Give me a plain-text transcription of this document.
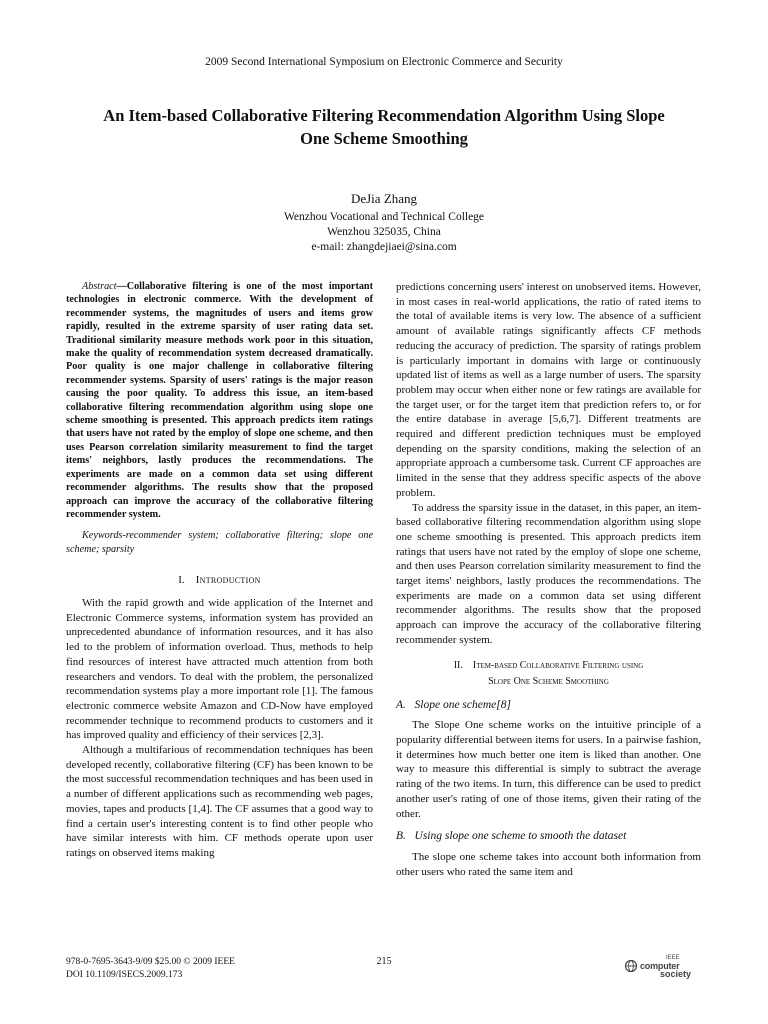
2009 Second International Symposium on Electronic Commerce and Security
An Item-based Collaborative Filtering Recommendation Algorithm Using Slope
One Scheme Smoothing
DeJia Zhang
Wenzhou Vocational and Technical College
Wenzhou 325035, China
e-mail: zhangdejiaei@sina.com

Abstract—Collaborative filtering is one of the most important technologies in electronic commerce. With the development of recommender systems, the magnitudes of users and items grow rapidly, resulted in the extreme sparsity of user rating data set. Traditional similarity measure methods work poor in this situation, make the quality of recommendation system decreased dramatically. Poor quality is one major challenge in collaborative filtering recommender systems. Sparsity of users' ratings is the major reason causing the poor quality. To address this issue, an item-based collaborative filtering recommendation algorithm using slope one scheme smoothing is presented. This approach predicts item ratings that users have not rated by the employ of slope one scheme, and then uses Pearson correlation similarity measurement to find the target items' neighbors, lastly produces the recommendations. The experiments are made on a common data set using different recommender algorithms. The results show that the proposed approach can improve the accuracy of the collaborative filtering recommender system.

Keywords-recommender system; collaborative filtering; slope one scheme; sparsity

I. Introduction

With the rapid growth and wide application of the Internet and Electronic Commerce systems, information system has provided an unprecedented abundance of information resources, and it has also led to the problem of information overload. Thus, methods to help find resources of interest have attracted much attention from both researchers and vendors. To deal with the problem, the personalized recommendation systems play a more important role [1]. The famous electronic commerce website Amazon and CD-Now have employed recommender technique to recommend products to customers and it has improved quality and efficiency of their services [2,3].

Although a multifarious of recommendation techniques has been developed recently, collaborative filtering (CF) has been known to be the most successful recommendation techniques and has been used in a number of different applications such as recommending web pages, movies, tapes and products [1,4]. The CF assumes that a good way to find a certain user's interesting content is to find other people who have similar interests with him. CF methods operate upon user ratings on observed items making

predictions concerning users' interest on unobserved items. However, in most cases in real-world applications, the ratio of rated items to the total of available items is very low. The absence of a sufficient amount of available ratings significantly affects CF methods reducing the accuracy of prediction. The sparsity of ratings problem is particularly important in domains with large or continuously updated list of items as well as a large number of users. The sparsity problem may occur when either none or few ratings are available for the target user, or for the target item that prediction refers to, or for the entire database in average [5,6,7]. Different treatments are required and different prediction techniques must be employed depending on the sparsity conditions, making the selection of an appropriate approach a cumbersome task. Current CF approaches are limited in the sense that they address specific aspects of the above problem.

To address the sparsity issue in the dataset, in this paper, an item-based collaborative filtering recommendation algorithm using slope one scheme smoothing is presented. This approach predicts item ratings that users have not rated by the employ of slope one scheme, and then uses Pearson correlation similarity measurement to find the target items' neighbors, lastly produces the recommendations. The experiments are made on a common data set using different recommender algorithms. The results show that the proposed approach can improve the accuracy of the collaborative filtering recommender system.

II. Item-based Collaborative Filtering using
Slope One Scheme Smoothing

A. Slope one scheme[8]

The Slope One scheme works on the intuitive principle of a popularity differential between items for users. In a pairwise fashion, it determines how much better one item is liked than another. One way to measure this differential is simply to subtract the average rating of the two items. In turn, this difference can be used to predict another user's rating of one of those items, given their rating of the other.

B. Using slope one scheme to smooth the dataset

The slope one scheme takes into account both information from other users who rated the same item and

978-0-7695-3643-9/09 $25.00 © 2009 IEEE
DOI 10.1109/ISECS.2009.173
215	IEEE
computer
society
